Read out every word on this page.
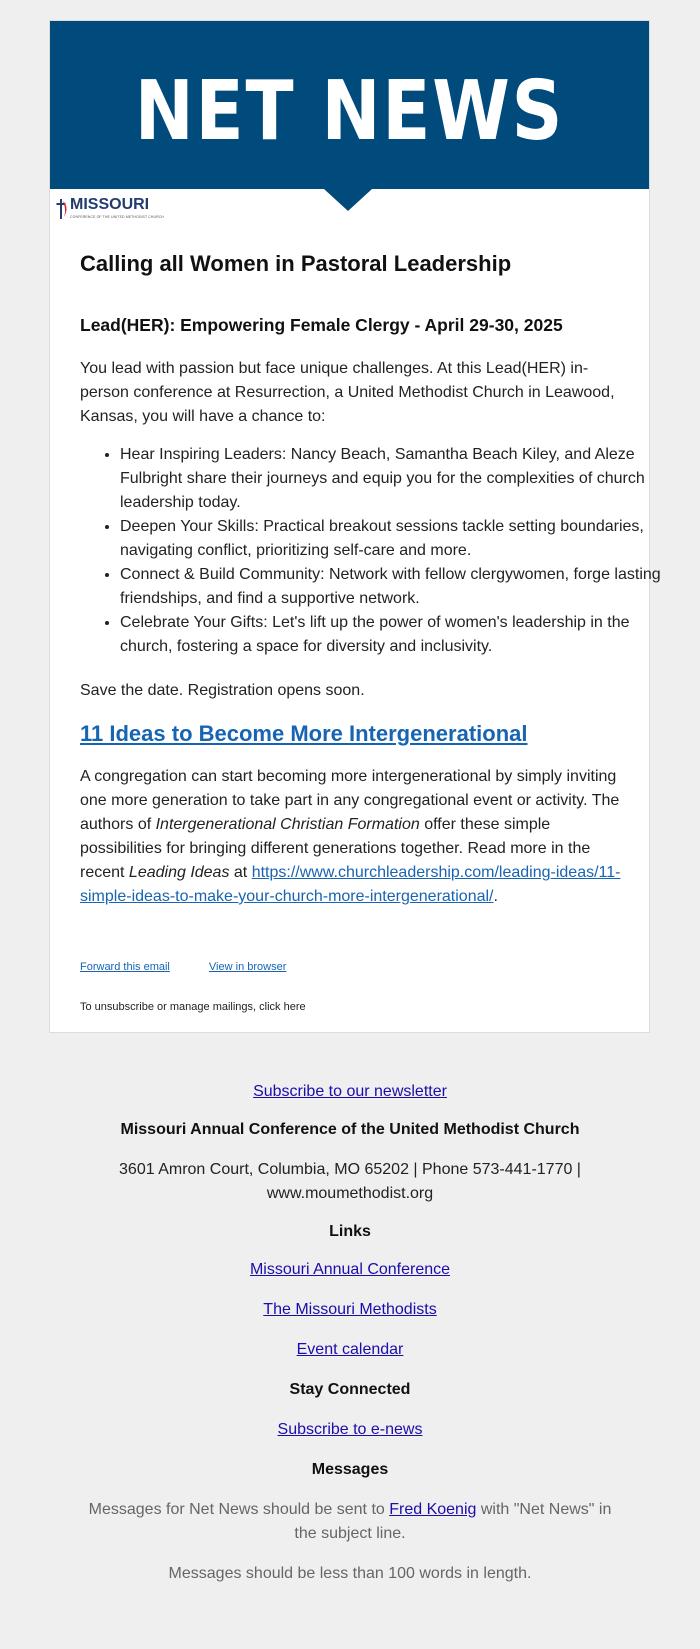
NET NEWS
MISSOURI
CONFERENCE OF THE UNITED METHODIST CHURCH
Calling all Women in Pastoral Leadership
Lead(HER): Empowering Female Clergy - April 29-30, 2025

You lead with passion but face unique challenges. At this Lead(HER) in-person conference at Resurrection, a United Methodist Church in Leawood, Kansas, you will have a chance to:

• Hear Inspiring Leaders: Nancy Beach, Samantha Beach Kiley, and Aleze Fulbright share their journeys and equip you for the complexities of church leadership today.
• Deepen Your Skills: Practical breakout sessions tackle setting boundaries, navigating conflict, prioritizing self-care and more.
• Connect & Build Community: Network with fellow clergywomen, forge lasting friendships, and find a supportive network.
• Celebrate Your Gifts: Let's lift up the power of women's leadership in the church, fostering a space for diversity and inclusivity.

Save the date. Registration opens soon.

11 Ideas to Become More Intergenerational

A congregation can start becoming more intergenerational by simply inviting one more generation to take part in any congregational event or activity. The authors of Intergenerational Christian Formation offer these simple possibilities for bringing different generations together. Read more in the recent Leading Ideas at https://www.churchleadership.com/leading-ideas/11-simple-ideas-to-make-your-church-more-intergenerational/.

Forward this email	View in browser
To unsubscribe or manage mailings, click here

Subscribe to our newsletter

Missouri Annual Conference of the United Methodist Church

3601 Amron Court, Columbia, MO 65202 | Phone 573-441-1770 | www.moumethodist.org

Links

Missouri Annual Conference

The Missouri Methodists

Event calendar

Stay Connected

Subscribe to e-news

Messages

Messages for Net News should be sent to Fred Koenig with "Net News" in the subject line.

Messages should be less than 100 words in length.
